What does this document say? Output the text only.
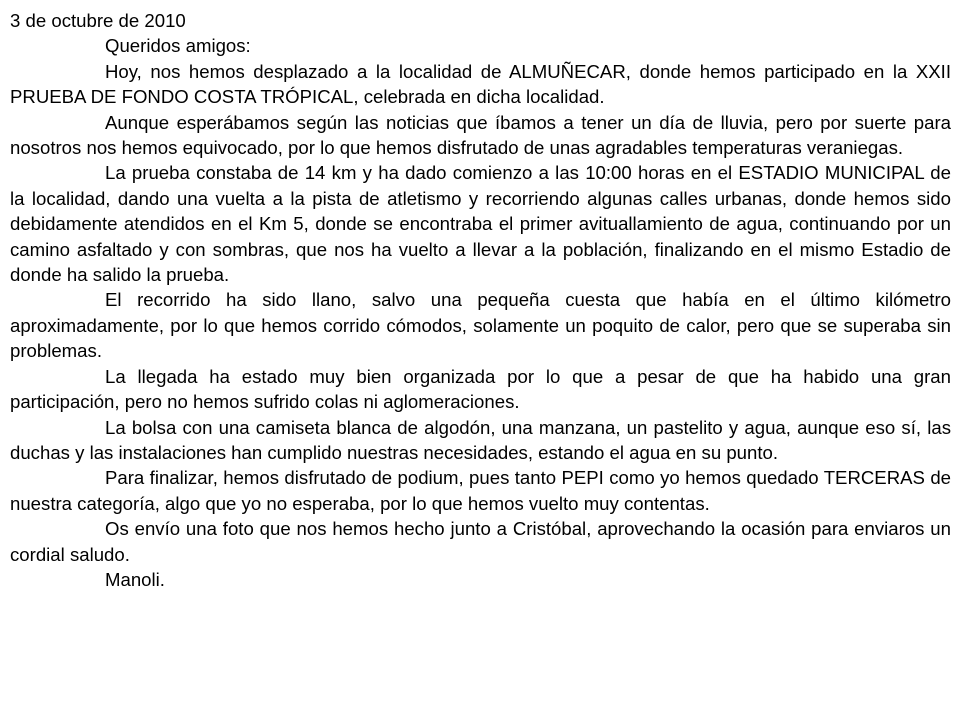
3 de octubre de 2010

Queridos amigos:

Hoy, nos hemos desplazado a la localidad de ALMUÑECAR, donde hemos participado en la XXII PRUEBA DE FONDO COSTA TRÓPICAL, celebrada en dicha localidad.

Aunque esperábamos según las noticias que íbamos a tener un día de lluvia, pero por suerte para nosotros nos hemos equivocado, por lo que hemos disfrutado de unas agradables temperaturas veraniegas.

La prueba constaba de 14 km y ha dado comienzo a las 10:00 horas en el ESTADIO MUNICIPAL de la localidad, dando una vuelta a la pista de atletismo y recorriendo algunas calles urbanas, donde hemos sido debidamente atendidos en el Km 5, donde se encontraba el primer avituallamiento de agua, continuando por un camino asfaltado y con sombras, que nos ha vuelto a llevar a la población, finalizando en el mismo Estadio de donde ha salido la prueba.

El recorrido ha sido llano, salvo una pequeña cuesta que había en el último kilómetro aproximadamente, por lo que hemos corrido cómodos, solamente un poquito de calor, pero que se superaba sin problemas.

La llegada ha estado muy bien organizada por lo que a pesar de que ha habido una gran participación, pero no hemos sufrido colas ni aglomeraciones.

La bolsa con una camiseta blanca de algodón, una manzana, un pastelito y agua, aunque eso sí, las duchas y las instalaciones han cumplido nuestras necesidades, estando el agua en su punto.

Para finalizar, hemos disfrutado de podium, pues tanto PEPI como yo hemos quedado TERCERAS de nuestra categoría, algo que yo no esperaba, por lo que hemos vuelto muy contentas.

Os envío una foto que nos hemos hecho junto a Cristóbal, aprovechando la ocasión para enviaros un cordial saludo.

Manoli.
